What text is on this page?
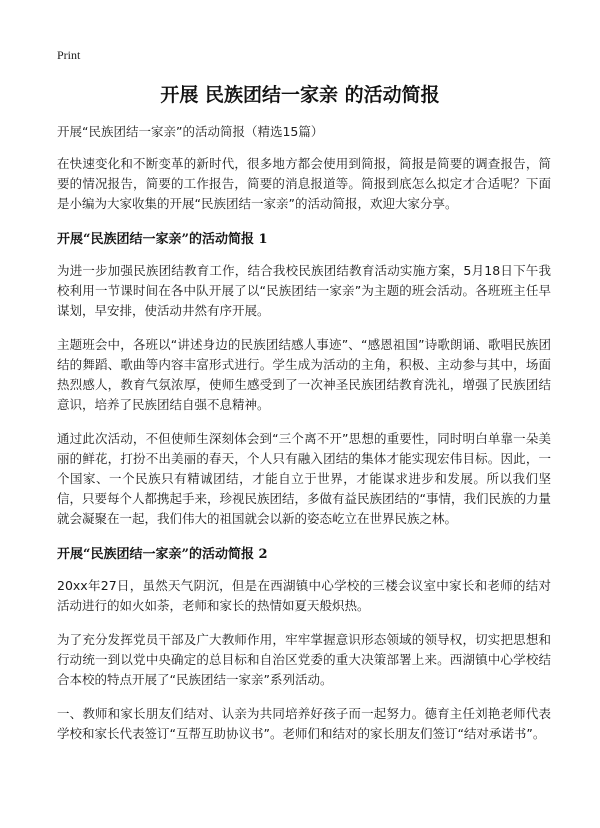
Print
开展 民族团结一家亲 的活动简报
开展“民族团结一家亲”的活动简报（精选15篇）

在快速变化和不断变革的新时代，很多地方都会使用到简报，简报是简要的调查报告，简要的情况报告，简要的工作报告，简要的消息报道等。简报到底怎么拟定才合适呢？下面是小编为大家收集的开展“民族团结一家亲”的活动简报，欢迎大家分享。

开展“民族团结一家亲”的活动简报 1

为进一步加强民族团结教育工作，结合我校民族团结教育活动实施方案，5月18日下午我校利用一节课时间在各中队开展了以“民族团结一家亲”为主题的班会活动。各班班主任早谋划，早安排，使活动井然有序开展。

主题班会中，各班以“讲述身边的民族团结感人事迹”、“感恩祖国”诗歌朗诵、歌唱民族团结的舞蹈、歌曲等内容丰富形式进行。学生成为活动的主角，积极、主动参与其中，场面热烈感人，教育气氛浓厚，使师生感受到了一次神圣民族团结教育洗礼，增强了民族团结意识，培养了民族团结自强不息精神。

通过此次活动，不但使师生深刻体会到“三个离不开”思想的重要性，同时明白单靠一朵美丽的鲜花，打扮不出美丽的春天，个人只有融入团结的集体才能实现宏伟目标。因此，一个国家、一个民族只有精诚团结，才能自立于世界，才能谋求进步和发展。所以我们坚信，只要每个人都携起手来，珍视民族团结，多做有益民族团结的“事情，我们民族的力量就会凝聚在一起，我们伟大的祖国就会以新的姿态屹立在世界民族之林。

开展“民族团结一家亲”的活动简报 2

20xx年27日，虽然天气阴沉，但是在西湖镇中心学校的三楼会议室中家长和老师的结对活动进行的如火如荼，老师和家长的热情如夏天般炽热。

为了充分发挥党员干部及广大教师作用，牢牢掌握意识形态领域的领导权，切实把思想和行动统一到以党中央确定的总目标和自治区党委的重大决策部署上来。西湖镇中心学校结合本校的特点开展了“民族团结一家亲”系列活动。

一、教师和家长朋友们结对、认亲为共同培养好孩子而一起努力。德育主任刘艳老师代表学校和家长代表签订“互帮互助协议书”。老师们和结对的家长朋友们签订“结对承诺书”。
